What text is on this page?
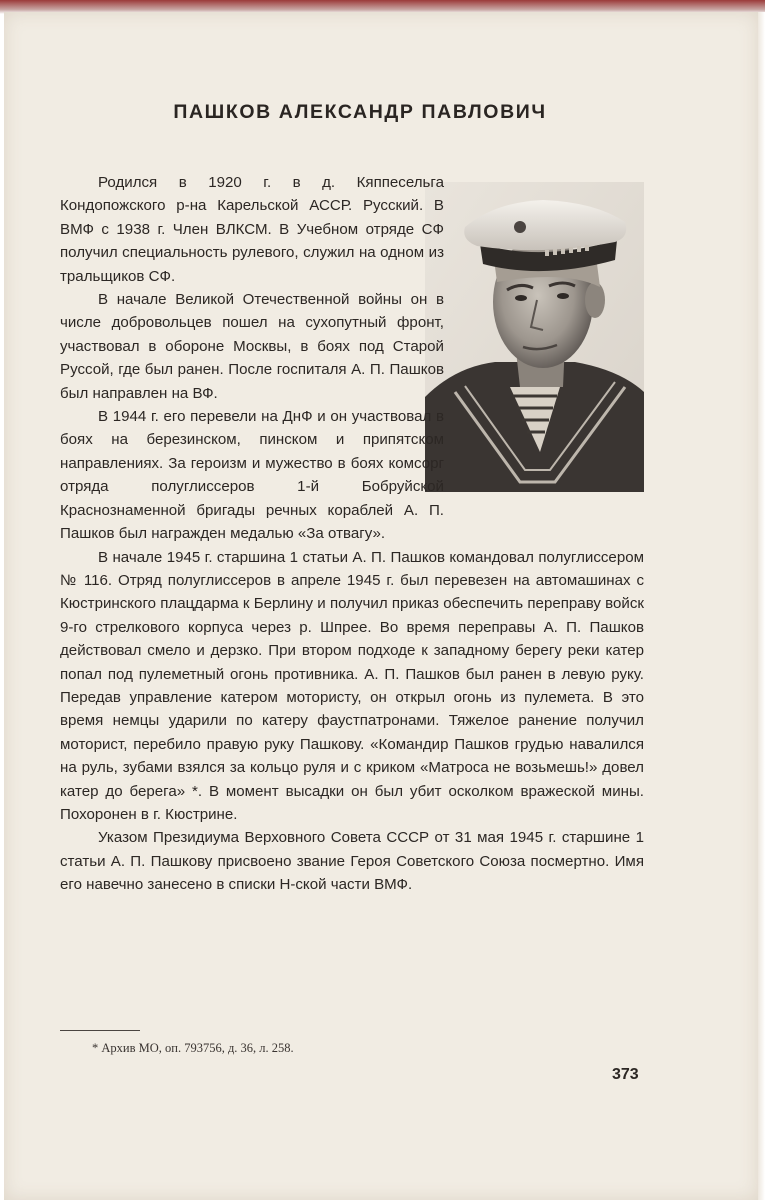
ПАШКОВ АЛЕКСАНДР ПАВЛОВИЧ

Родился в 1920 г. в д. Кяппесельга Кондопожского р-на Карельской АССР. Русский. В ВМФ с 1938 г. Член ВЛКСМ. В Учебном отряде СФ получил специальность рулевого, служил на одном из тральщиков СФ.

В начале Великой Отечественной войны он в числе добровольцев пошел на сухопутный фронт, участвовал в обороне Москвы, в боях под Старой Руссой, где был ранен. После госпиталя А. П. Пашков был направлен на ВФ.

В 1944 г. его перевели на ДнФ и он участвовал в боях на березинском, пинском и припятском направлениях. За героизм и мужество в боях комсорг отряда полуглиссеров 1-й Бобруйской Краснознаменной бригады речных кораблей А. П. Пашков был награжден медалью «За отвагу».

В начале 1945 г. старшина 1 статьи А. П. Пашков командовал полуглиссером № 116. Отряд полуглиссеров в апреле 1945 г. был перевезен на автомашинах с Кюстринского плацдарма к Берлину и получил приказ обеспечить переправу войск 9-го стрелкового корпуса через р. Шпрее. Во время переправы А. П. Пашков действовал смело и дерзко. При втором подходе к западному берегу реки катер попал под пулеметный огонь противника. А. П. Пашков был ранен в левую руку. Передав управление катером мотористу, он открыл огонь из пулемета. В это время немцы ударили по катеру фаустпатронами. Тяжелое ранение получил моторист, перебило правую руку Пашкову. «Командир Пашков грудью навалился на руль, зубами взялся за кольцо руля и с криком «Матроса не возьмешь!» довел катер до берега» *. В момент высадки он был убит осколком вражеской мины. Похоронен в г. Кюстрине.

Указом Президиума Верховного Совета СССР от 31 мая 1945 г. старшине 1 статьи А. П. Пашкову присвоено звание Героя Советского Союза посмертно. Имя его навечно занесено в списки Н-ской части ВМФ.

* Архив МО, оп. 793756, д. 36, л. 258.
373
